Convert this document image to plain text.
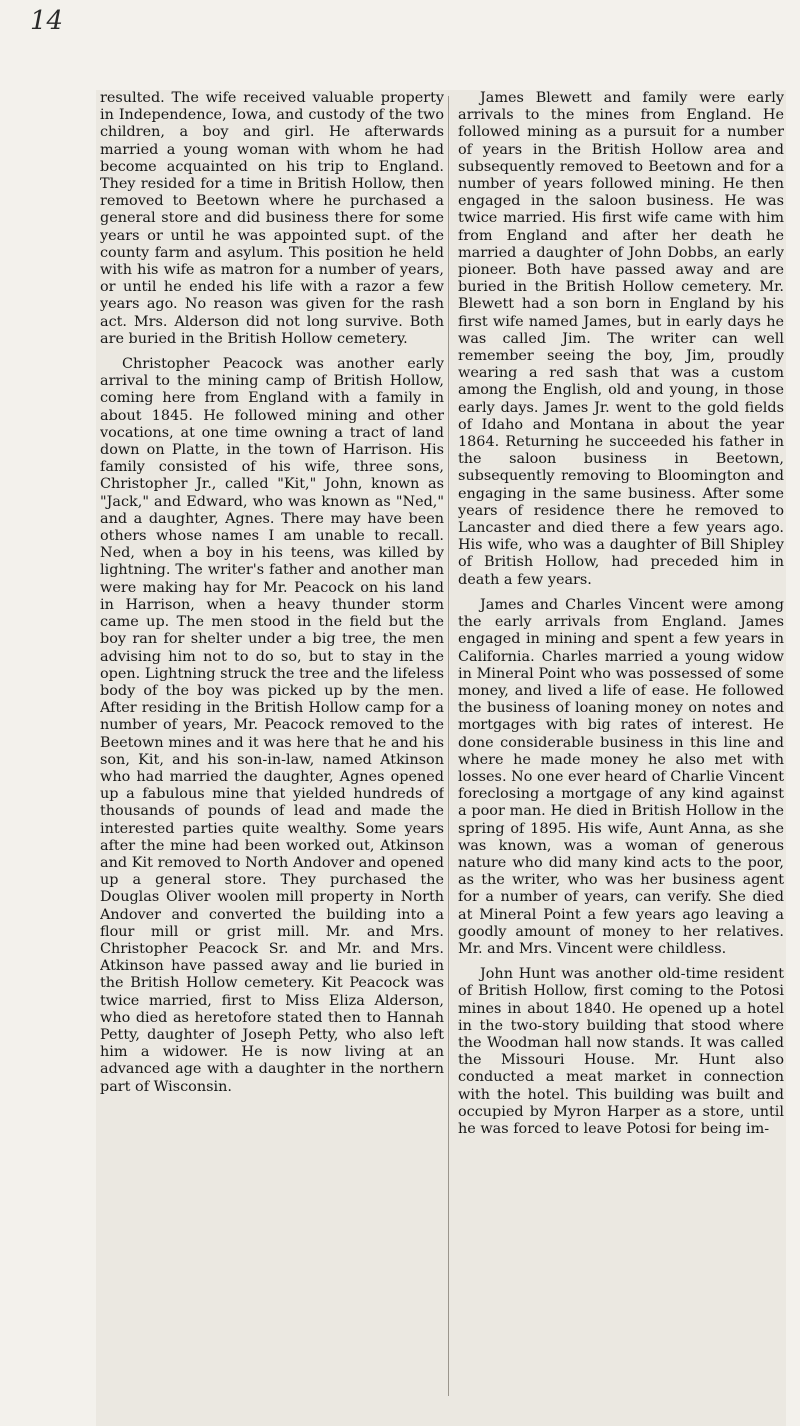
14

resulted. The wife received valuable property in Independence, Iowa, and custody of the two children, a boy and girl. He afterwards married a young woman with whom he had become acquainted on his trip to England. They resided for a time in British Hollow, then removed to Beetown where he purchased a general store and did business there for some years or until he was appointed supt. of the county farm and asylum. This position he held with his wife as matron for a number of years, or until he ended his life with a razor a few years ago. No reason was given for the rash act. Mrs. Alderson did not long survive. Both are buried in the British Hollow cemetery.

Christopher Peacock was another early arrival to the mining camp of British Hollow, coming here from England with a family in about 1845. He followed mining and other vocations, at one time owning a tract of land down on Platte, in the town of Harrison. His family consisted of his wife, three sons, Christopher Jr., called "Kit," John, known as "Jack," and Edward, who was known as "Ned," and a daughter, Agnes. There may have been others whose names I am unable to recall. Ned, when a boy in his teens, was killed by lightning. The writer's father and another man were making hay for Mr. Peacock on his land in Harrison, when a heavy thunder storm came up. The men stood in the field but the boy ran for shelter under a big tree, the men advising him not to do so, but to stay in the open. Lightning struck the tree and the lifeless body of the boy was picked up by the men. After residing in the British Hollow camp for a number of years, Mr. Peacock removed to the Beetown mines and it was here that he and his son, Kit, and his son-in-law, named Atkinson who had married the daughter, Agnes opened up a fabulous mine that yielded hundreds of thousands of pounds of lead and made the interested parties quite wealthy. Some years after the mine had been worked out, Atkinson and Kit removed to North Andover and opened up a general store. They purchased the Douglas Oliver woolen mill property in North Andover and converted the building into a flour mill or grist mill. Mr. and Mrs. Christopher Peacock Sr. and Mr. and Mrs. Atkinson have passed away and lie buried in the British Hollow cemetery. Kit Peacock was twice married, first to Miss Eliza Alderson, who died as heretofore stated then to Hannah Petty, daughter of Joseph Petty, who also left him a widower. He is now living at an advanced age with a daughter in the northern part of Wisconsin.

James Blewett and family were early arrivals to the mines from England. He followed mining as a pursuit for a number of years in the British Hollow area and subsequently removed to Beetown and for a number of years followed mining. He then engaged in the saloon business. He was twice married. His first wife came with him from England and after her death he married a daughter of John Dobbs, an early pioneer. Both have passed away and are buried in the British Hollow cemetery. Mr. Blewett had a son born in England by his first wife named James, but in early days he was called Jim. The writer can well remember seeing the boy, Jim, proudly wearing a red sash that was a custom among the English, old and young, in those early days. James Jr. went to the gold fields of Idaho and Montana in about the year 1864. Returning he succeeded his father in the saloon business in Beetown, subsequently removing to Bloomington and engaging in the same business. After some years of residence there he removed to Lancaster and died there a few years ago. His wife, who was a daughter of Bill Shipley of British Hollow, had preceded him in death a few years.

James and Charles Vincent were among the early arrivals from England. James engaged in mining and spent a few years in California. Charles married a young widow in Mineral Point who was possessed of some money, and lived a life of ease. He followed the business of loaning money on notes and mortgages with big rates of interest. He done considerable business in this line and where he made money he also met with losses. No one ever heard of Charlie Vincent foreclosing a mortgage of any kind against a poor man. He died in British Hollow in the spring of 1895. His wife, Aunt Anna, as she was known, was a woman of generous nature who did many kind acts to the poor, as the writer, who was her business agent for a number of years, can verify. She died at Mineral Point a few years ago leaving a goodly amount of money to her relatives. Mr. and Mrs. Vincent were childless.

John Hunt was another old-time resident of British Hollow, first coming to the Potosi mines in about 1840. He opened up a hotel in the two-story building that stood where the Woodman hall now stands. It was called the Missouri House. Mr. Hunt also conducted a meat market in connection with the hotel. This building was built and occupied by Myron Harper as a store, until he was forced to leave Potosi for being im-
